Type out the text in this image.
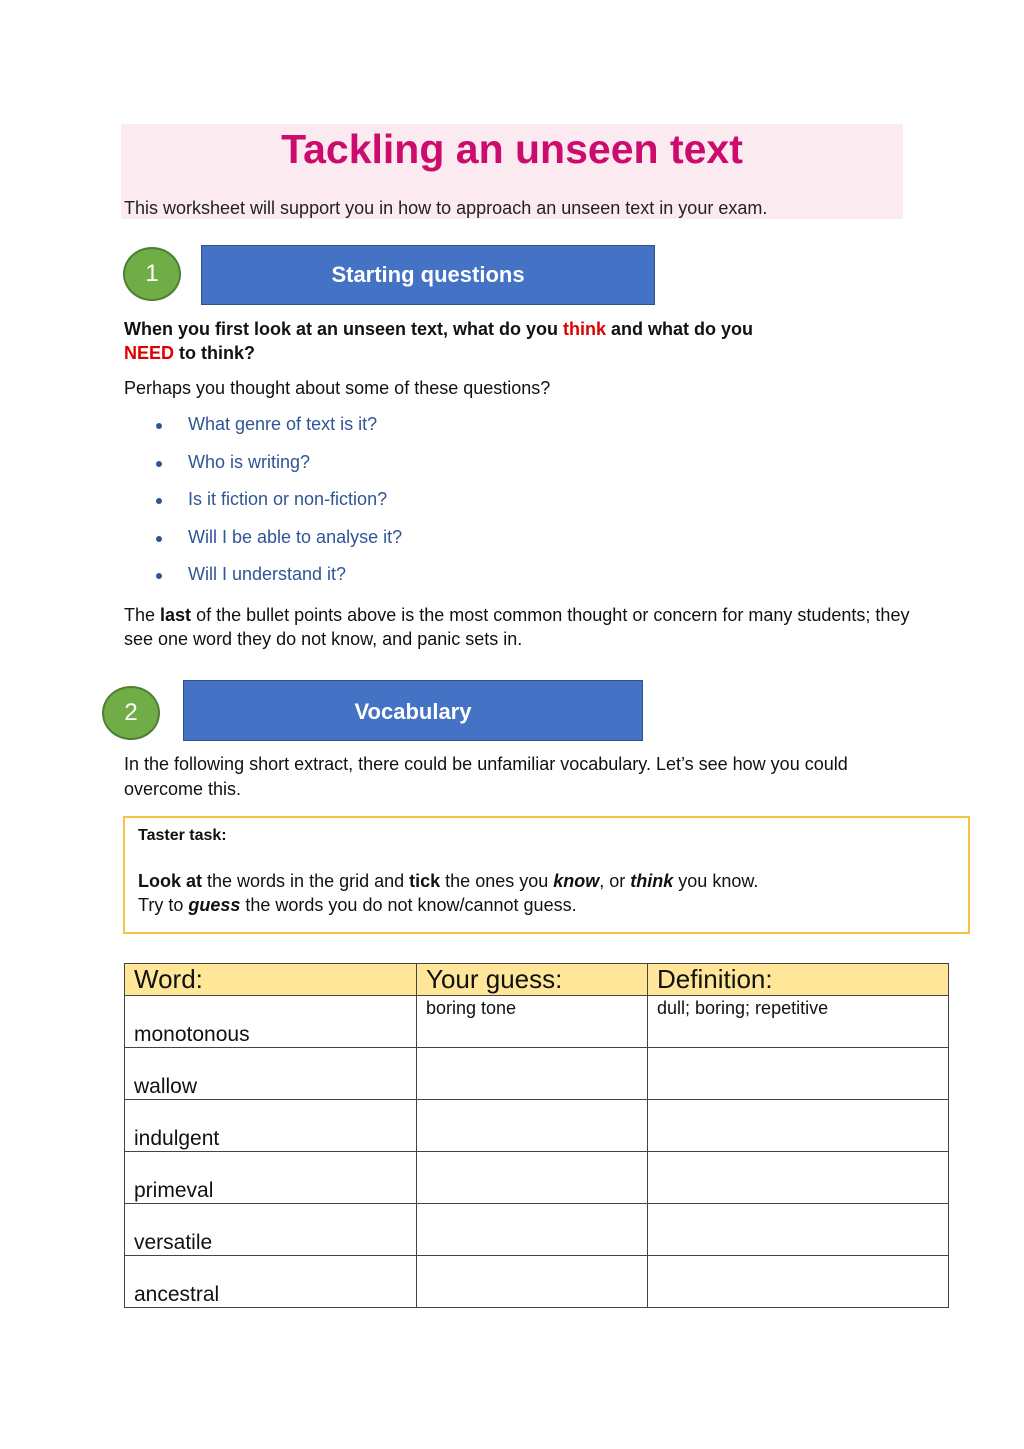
Tackling an unseen text
This worksheet will support you in how to approach an unseen text in your exam.
1	Starting questions
When you first look at an unseen text, what do you think and what do you
NEED to think?
Perhaps you thought about some of these questions?
What genre of text is it?
Who is writing?
Is it fiction or non-fiction?
Will I be able to analyse it?
Will I understand it?
The last of the bullet points above is the most common thought or concern for many students; they see one word they do not know, and panic sets in.
2	Vocabulary
In the following short extract, there could be unfamiliar vocabulary. Let’s see how you could overcome this.
Taster task:
Look at the words in the grid and tick the ones you know, or think you know.
Try to guess the words you do not know/cannot guess.
Word:	Your guess:	Definition:

monotonous	boring tone	dull; boring; repetitive

wallow		

indulgent		

primeval		

versatile		

ancestral		
